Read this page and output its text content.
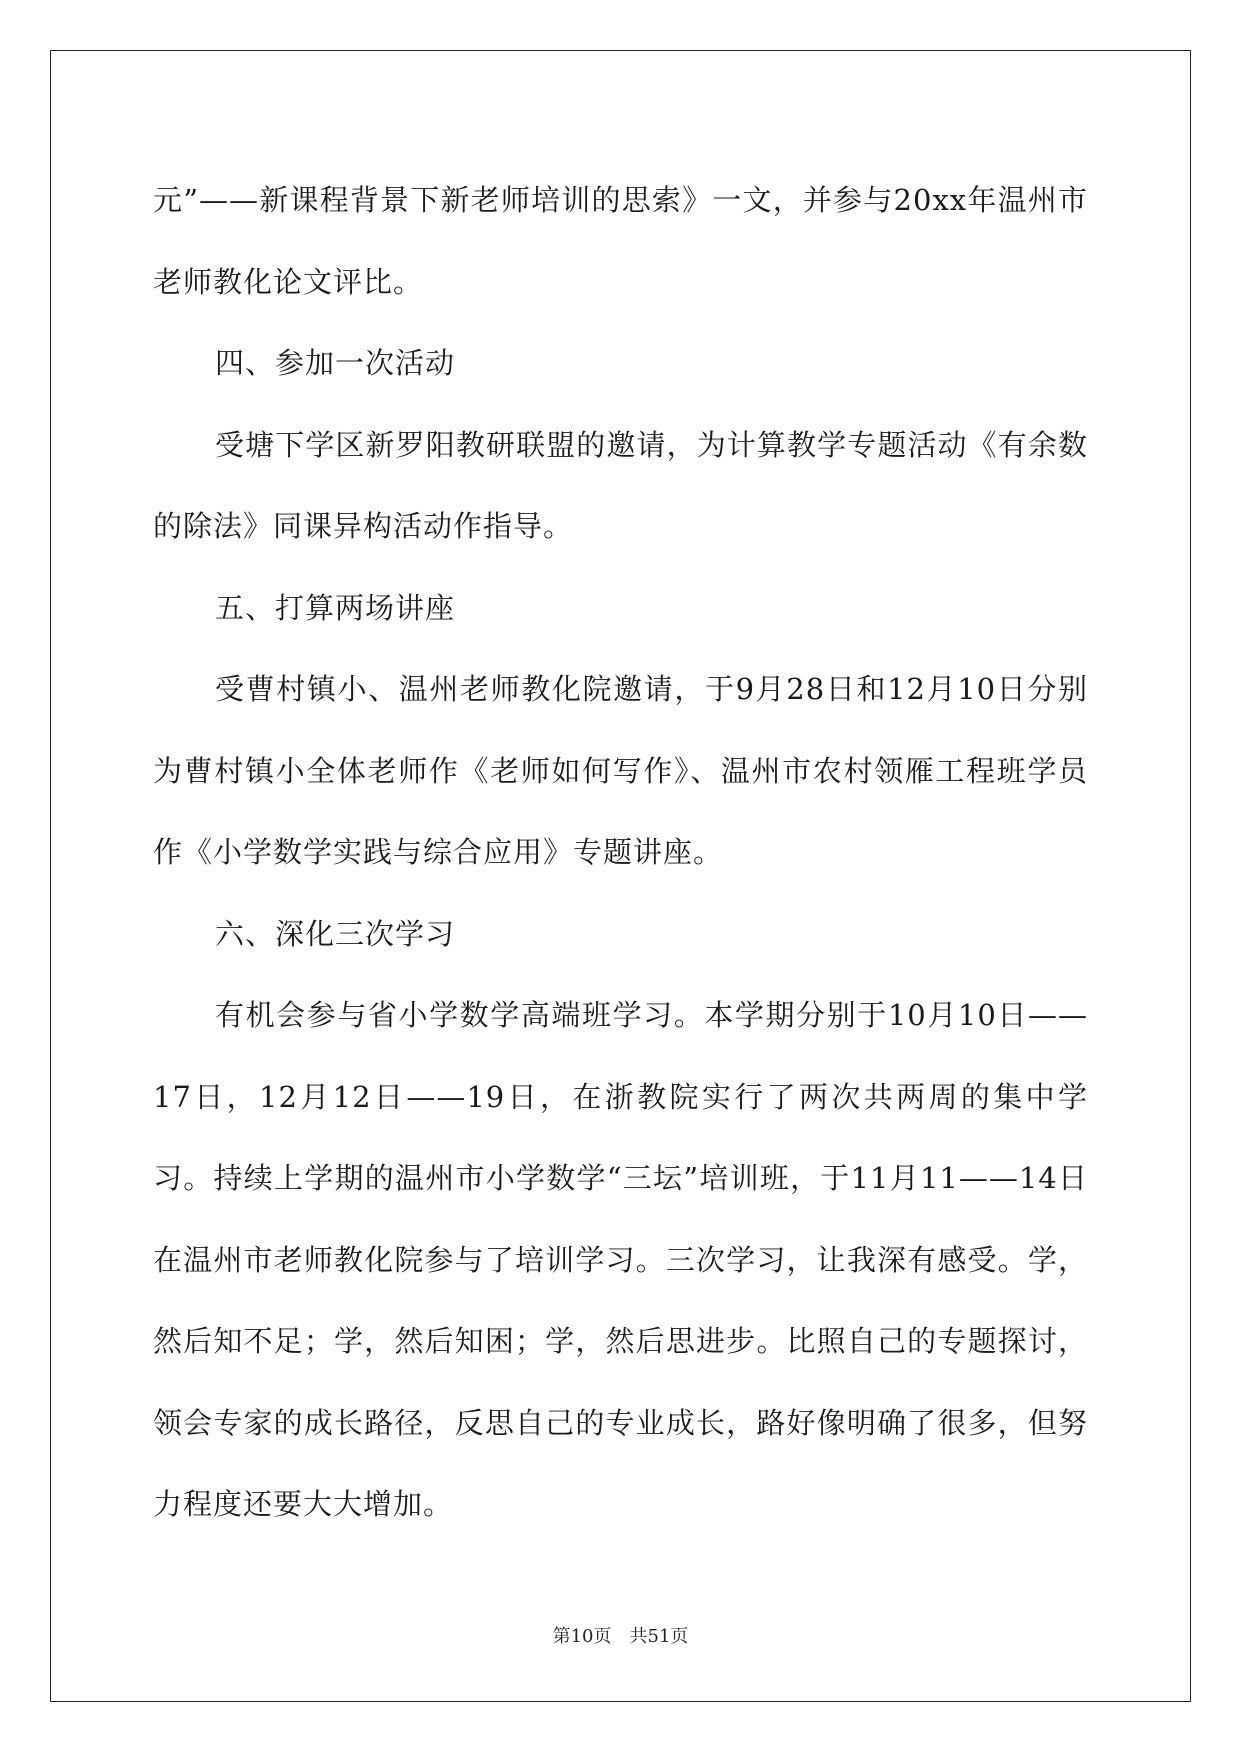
元”——新课程背景下新老师培训的思索》一文，并参与20xx年温州市老师教化论文评比。

四、参加一次活动

受塘下学区新罗阳教研联盟的邀请，为计算教学专题活动《有余数的除法》同课异构活动作指导。

五、打算两场讲座

受曹村镇小、温州老师教化院邀请，于9月28日和12月10日分别为曹村镇小全体老师作《老师如何写作》、温州市农村领雁工程班学员作《小学数学实践与综合应用》专题讲座。

六、深化三次学习

有机会参与省小学数学高端班学习。本学期分别于10月10日——17日，12月12日——19日，在浙教院实行了两次共两周的集中学习。持续上学期的温州市小学数学“三坛”培训班，于11月11——14日在温州市老师教化院参与了培训学习。三次学习，让我深有感受。学，然后知不足；学，然后知困；学，然后思进步。比照自己的专题探讨，领会专家的成长路径，反思自己的专业成长，路好像明确了很多，但努力程度还要大大增加。

第10页 共51页
